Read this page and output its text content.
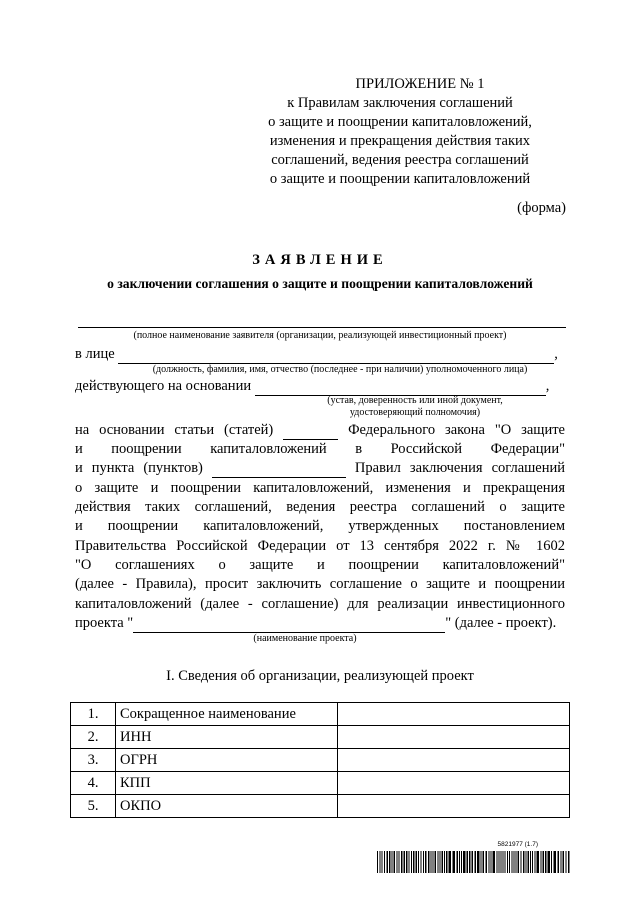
ПРИЛОЖЕНИЕ № 1
к Правилам заключения соглашений
о защите и поощрении капиталовложений,
изменения и прекращения действия таких
соглашений, ведения реестра соглашений
о защите и поощрении капиталовложений
(форма)
ЗАЯВЛЕНИЕ
о заключении соглашения о защите и поощрении капиталовложений
(полное наименование заявителя (организации, реализующей инвестиционный проект)
в лице	,
(должность, фамилия, имя, отчество (последнее - при наличии) уполномоченного лица)
действующего на основании	,
(устав, доверенность или иной документ,
удостоверяющий полномочия)
на основании статьи (статей)	Федерального закона "О защите
и поощрении капиталовложений в Российской Федерации"
и пункта (пунктов)	Правил заключения соглашений
о защите и поощрении капиталовложений, изменения и прекращения
действия таких соглашений, ведения реестра соглашений о защите
и поощрении капиталовложений, утвержденных постановлением
Правительства Российской Федерации от 13 сентября 2022 г. № 1602
"О соглашениях о защите и поощрении капиталовложений"
(далее - Правила), просит заключить соглашение о защите и поощрении
капиталовложений (далее - соглашение) для реализации инвестиционного
проекта "	" (далее - проект).
(наименование проекта)
I. Сведения об организации, реализующей проект
1.	Сокращенное наименование	
2.	ИНН	
3.	ОГРН	
4.	КПП	
5.	ОКПО	
5821977 (1.7)
